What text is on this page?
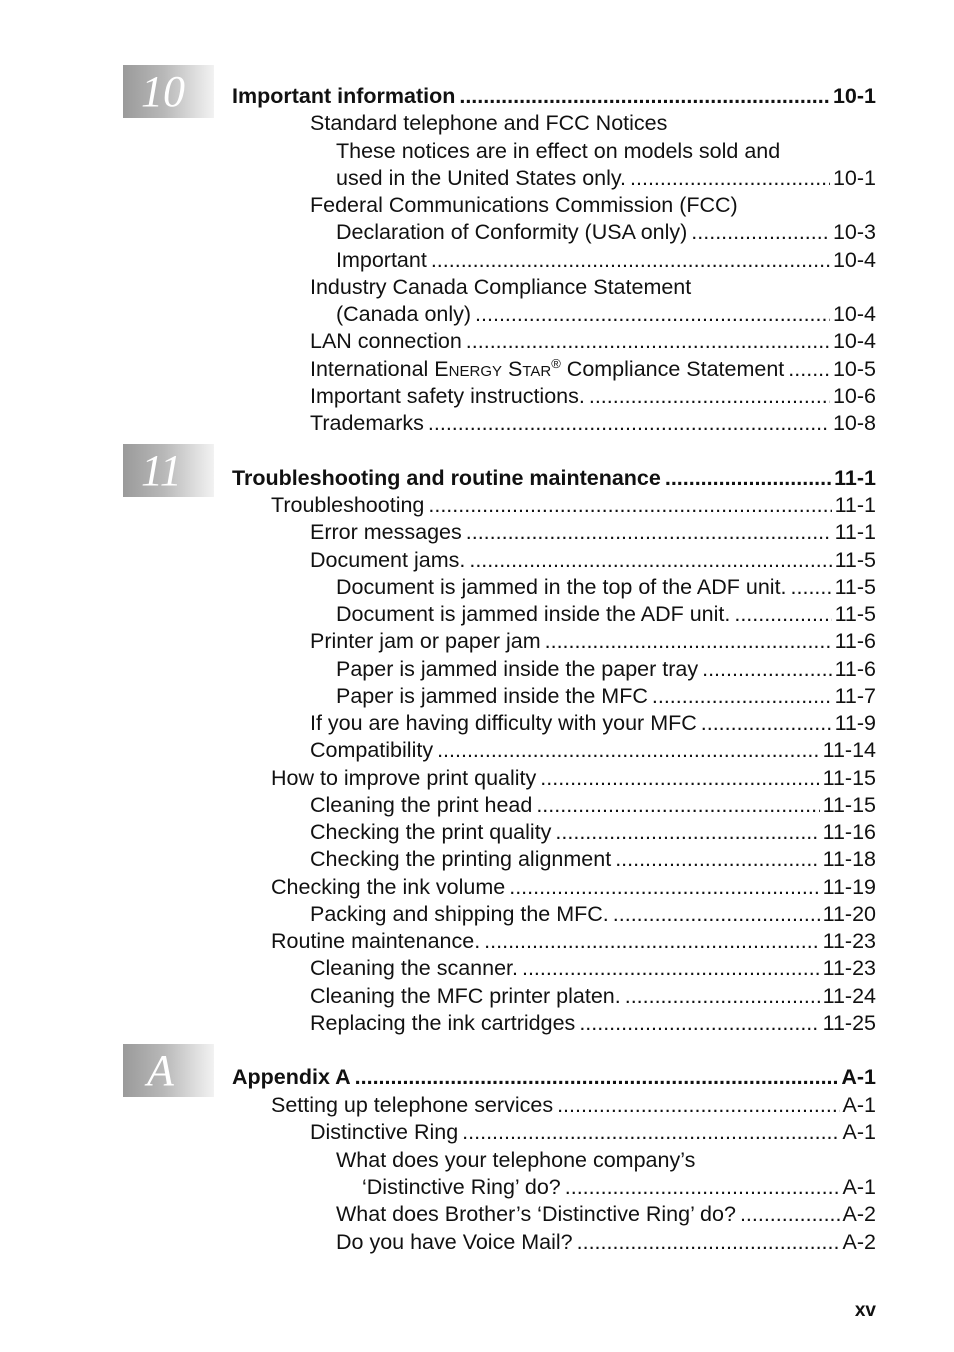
10
11
A
Important information .....	10-1
Standard telephone and FCC Notices
These notices are in effect on models sold and
used in the United States only. .....	10-1
Federal Communications Commission (FCC)
Declaration of Conformity (USA only) .....	10-3
Important .....	10-4
Industry Canada Compliance Statement
(Canada only) .....	10-4
LAN connection .....	10-4
International ENERGY STAR® Compliance Statement ..... 10-5
Important safety instructions. .....	10-6
Trademarks .....	10-8
Troubleshooting and routine maintenance .....	11-1
Troubleshooting .....	11-1
Error messages .....	11-1
Document jams. .....	11-5
Document is jammed in the top of the ADF unit. ..... 11-5
Document is jammed inside the ADF unit. .....	11-5
Printer jam or paper jam .....	11-6
Paper is jammed inside the paper tray .....	11-6
Paper is jammed inside the MFC .....	11-7
If you are having difficulty with your MFC .....	11-9
Compatibility .....	11-14
How to improve print quality .....	11-15
Cleaning the print head .....	11-15
Checking the print quality .....	11-16
Checking the printing alignment .....	11-18
Checking the ink volume .....	11-19
Packing and shipping the MFC. .....	11-20
Routine maintenance. .....	11-23
Cleaning the scanner. .....	11-23
Cleaning the MFC printer platen. .....	11-24
Replacing the ink cartridges .....	11-25
Appendix A .....	A-1
Setting up telephone services .....	A-1
Distinctive Ring .....	A-1
What does your telephone company’s
‘Distinctive Ring’ do? .....	A-1
What does Brother’s ‘Distinctive Ring’ do? .....	A-2
Do you have Voice Mail? .....	A-2
xv
